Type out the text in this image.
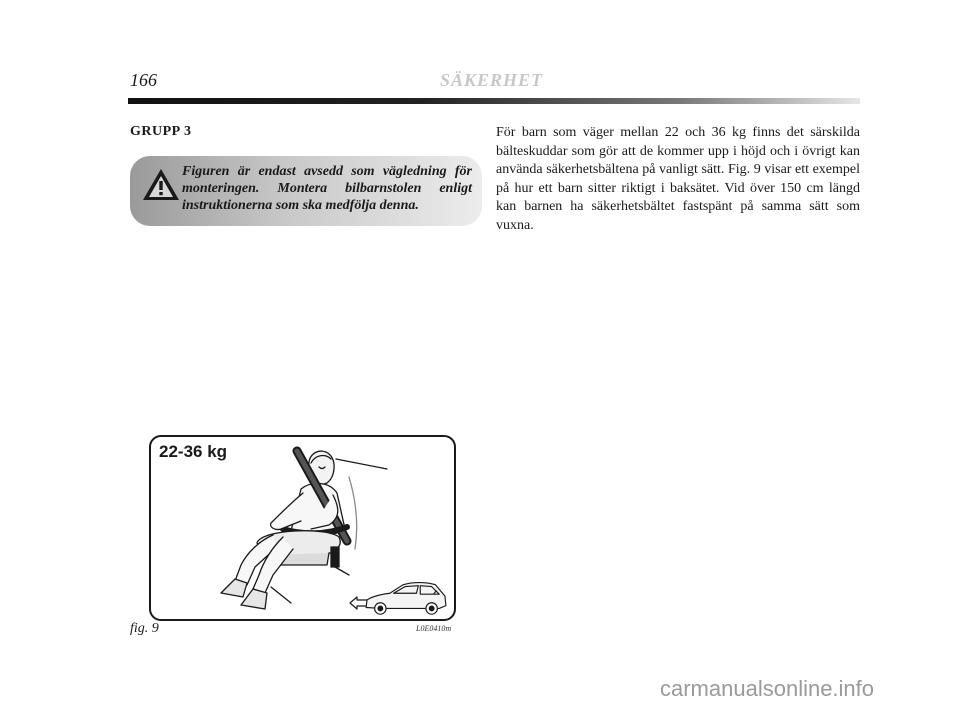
166	SÄKERHET
GRUPP 3
Figuren är endast avsedd som vägledning för monteringen. Montera bilbarnstolen enligt instruktionerna som ska medfölja denna.

För barn som väger mellan 22 och 36 kg finns det särskilda bälteskuddar som gör att de kommer upp i höjd och i övrigt kan använda säkerhetsbältena på vanligt sätt. Fig. 9 visar ett exempel på hur ett barn sitter riktigt i baksätet. Vid över 150 cm längd kan barnen ha säkerhetsbältet fastspänt på samma sätt som vuxna.

22-36 kg
fig. 9	L0E0410m
carmanualsonline.info
